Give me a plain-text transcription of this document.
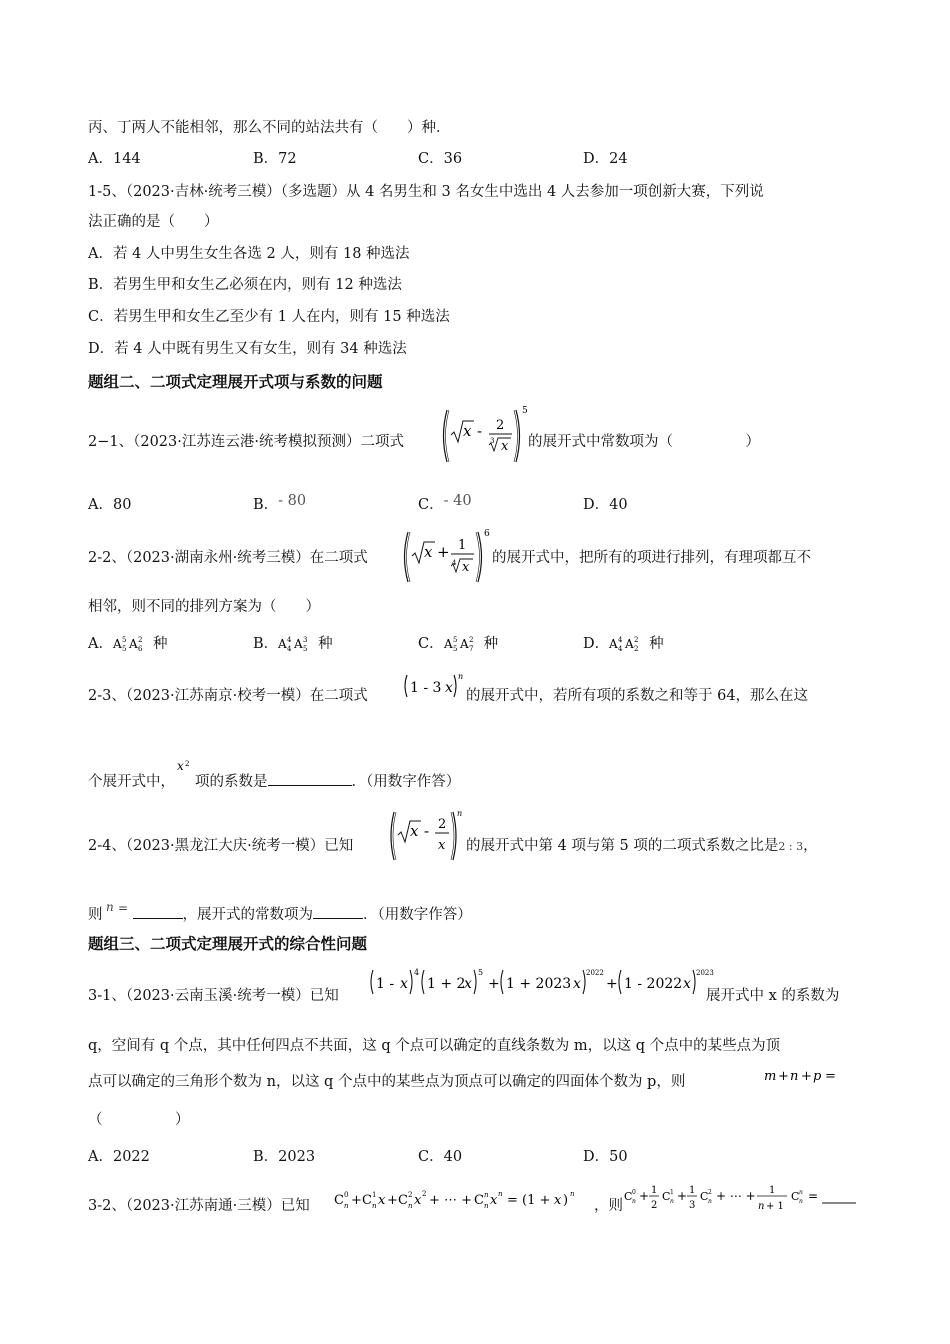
丙、丁两人不能相邻，那么不同的站法共有（　　）种．
A．144	B．72	C．36	D．24
1-5、（2023·吉林·统考三模）（多选题）从 4 名男生和 3 名女生中选出 4 人去参加一项创新大赛，下列说
法正确的是（　　）
A．若 4 人中男生女生各选 2 人，则有 18 种选法
B．若男生甲和女生乙必须在内，则有 12 种选法
C．若男生甲和女生乙至少有 1 人在内，则有 15 种选法
D．若 4 人中既有男生又有女生，则有 34 种选法
题组二、二项式定理展开式项与系数的问题
2−1、（2023·江苏连云港·统考模拟预测）二项式
x - 2
3 x
5
的展开式中常数项为（　　　　　）
A．80	B．- 80	C．- 40	D．40
2-2、（2023·湖南永州·统考三模）在二项式	x + 1
4 x
6
的展开式中，把所有的项进行排列，有理项都互不
相邻，则不同的排列方案为（　　）
A． A 5
5 A 2
6 种	B． A 4
4 A 3
5 种	C． A 5
5 A 2
7 种	D． A 4
4 A 2
2 种
2-3、（2023·江苏南京·校考一模）在二项式	1 - 3 x
n
的展开式中，若所有项的系数之和等于 64，那么在这
个展开式中，
x 2
项的系数是	．（用数字作答）
2-4、（2023·黑龙江大庆·统考一模）已知
x - 2
x
n
的展开式中第 4 项与第 5 项的二项式系数之比是2 : 3，
则 n =	，展开式的常数项为	．（用数字作答）
题组三、二项式定理展开式的综合性问题
3-1、（2023·云南玉溪·统考一模）已知
1 - x
4
1 + 2
x
5
+ 1 + 2023 x
2022
+ 1 - 2022 x
2023
展开式中 x 的系数为
q，空间有 q 个点，其中任何四点不共面，这 q 个点可以确定的直线条数为 m，以这 q 个点中的某些点为顶
点可以确定的三角形个数为 n，以这 q 个点中的某些点为顶点可以确定的四面体个数为 p，则	m + n + p =
（　　　　　）
A．2022	B．2023	C．40	D．50
3-2、（2023·江苏南通·三模）已知 C 0
n + C 1
n x + C 2
n x 2 + ⋯ + C n
n x n = (1 + x ) n
，则
C 0
n + 1
2
C 1
n + 1
3
C 2
n + ⋯ + 1
n + 1
C n
n =
